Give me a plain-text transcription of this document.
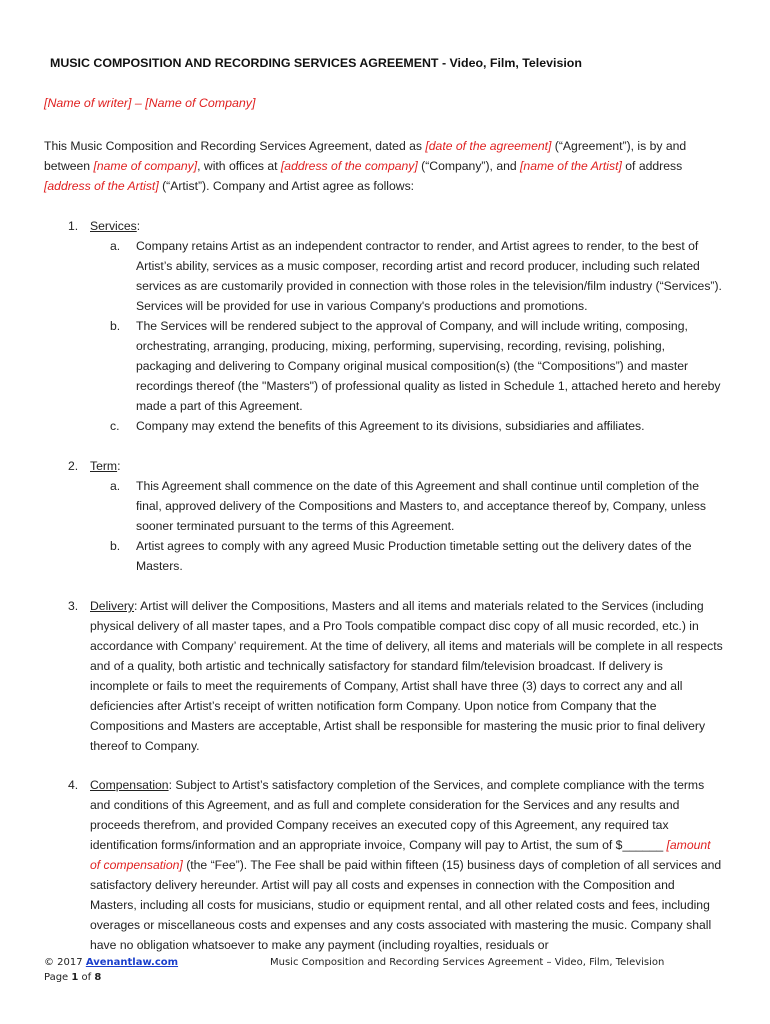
MUSIC COMPOSITION AND RECORDING SERVICES AGREEMENT - Video, Film, Television
[Name of writer] – [Name of Company]
This Music Composition and Recording Services Agreement, dated as [date of the agreement] (“Agreement”), is by and between [name of company], with offices at [address of the company] (“Company”), and [name of the Artist] of address [address of the Artist] (“Artist”). Company and Artist agree as follows:
1. Services:
a. Company retains Artist as an independent contractor to render, and Artist agrees to render, to the best of Artist’s ability, services as a music composer, recording artist and record producer, including such related services as are customarily provided in connection with those roles in the television/film industry (“Services”). Services will be provided for use in various Company's productions and promotions.
b. The Services will be rendered subject to the approval of Company, and will include writing, composing, orchestrating, arranging, producing, mixing, performing, supervising, recording, revising, polishing, packaging and delivering to Company original musical composition(s) (the “Compositions”) and master recordings thereof (the "Masters") of professional quality as listed in Schedule 1, attached hereto and hereby made a part of this Agreement.
c. Company may extend the benefits of this Agreement to its divisions, subsidiaries and affiliates.
2. Term:
a. This Agreement shall commence on the date of this Agreement and shall continue until completion of the final, approved delivery of the Compositions and Masters to, and acceptance thereof by, Company, unless sooner terminated pursuant to the terms of this Agreement.
b. Artist agrees to comply with any agreed Music Production timetable setting out the delivery dates of the Masters.
3. Delivery: Artist will deliver the Compositions, Masters and all items and materials related to the Services (including physical delivery of all master tapes, and a Pro Tools compatible compact disc copy of all music recorded, etc.) in accordance with Company’ requirement. At the time of delivery, all items and materials will be complete in all respects and of a quality, both artistic and technically satisfactory for standard film/television broadcast. If delivery is incomplete or fails to meet the requirements of Company, Artist shall have three (3) days to correct any and all deficiencies after Artist’s receipt of written notification form Company. Upon notice from Company that the Compositions and Masters are acceptable, Artist shall be responsible for mastering the music prior to final delivery thereof to Company.
4. Compensation: Subject to Artist’s satisfactory completion of the Services, and complete compliance with the terms and conditions of this Agreement, and as full and complete consideration for the Services and any results and proceeds therefrom, and provided Company receives an executed copy of this Agreement, any required tax identification forms/information and an appropriate invoice, Company will pay to Artist, the sum of $______ [amount of compensation] (the “Fee”). The Fee shall be paid within fifteen (15) business days of completion of all services and satisfactory delivery hereunder. Artist will pay all costs and expenses in connection with the Composition and Masters, including all costs for musicians, studio or equipment rental, and all other related costs and fees, including overages or miscellaneous costs and expenses and any costs associated with mastering the music. Company shall have no obligation whatsoever to make any payment (including royalties, residuals or
© 2017 Avenantlaw.com
Page 1 of 8
Music Composition and Recording Services Agreement – Video, Film, Television
